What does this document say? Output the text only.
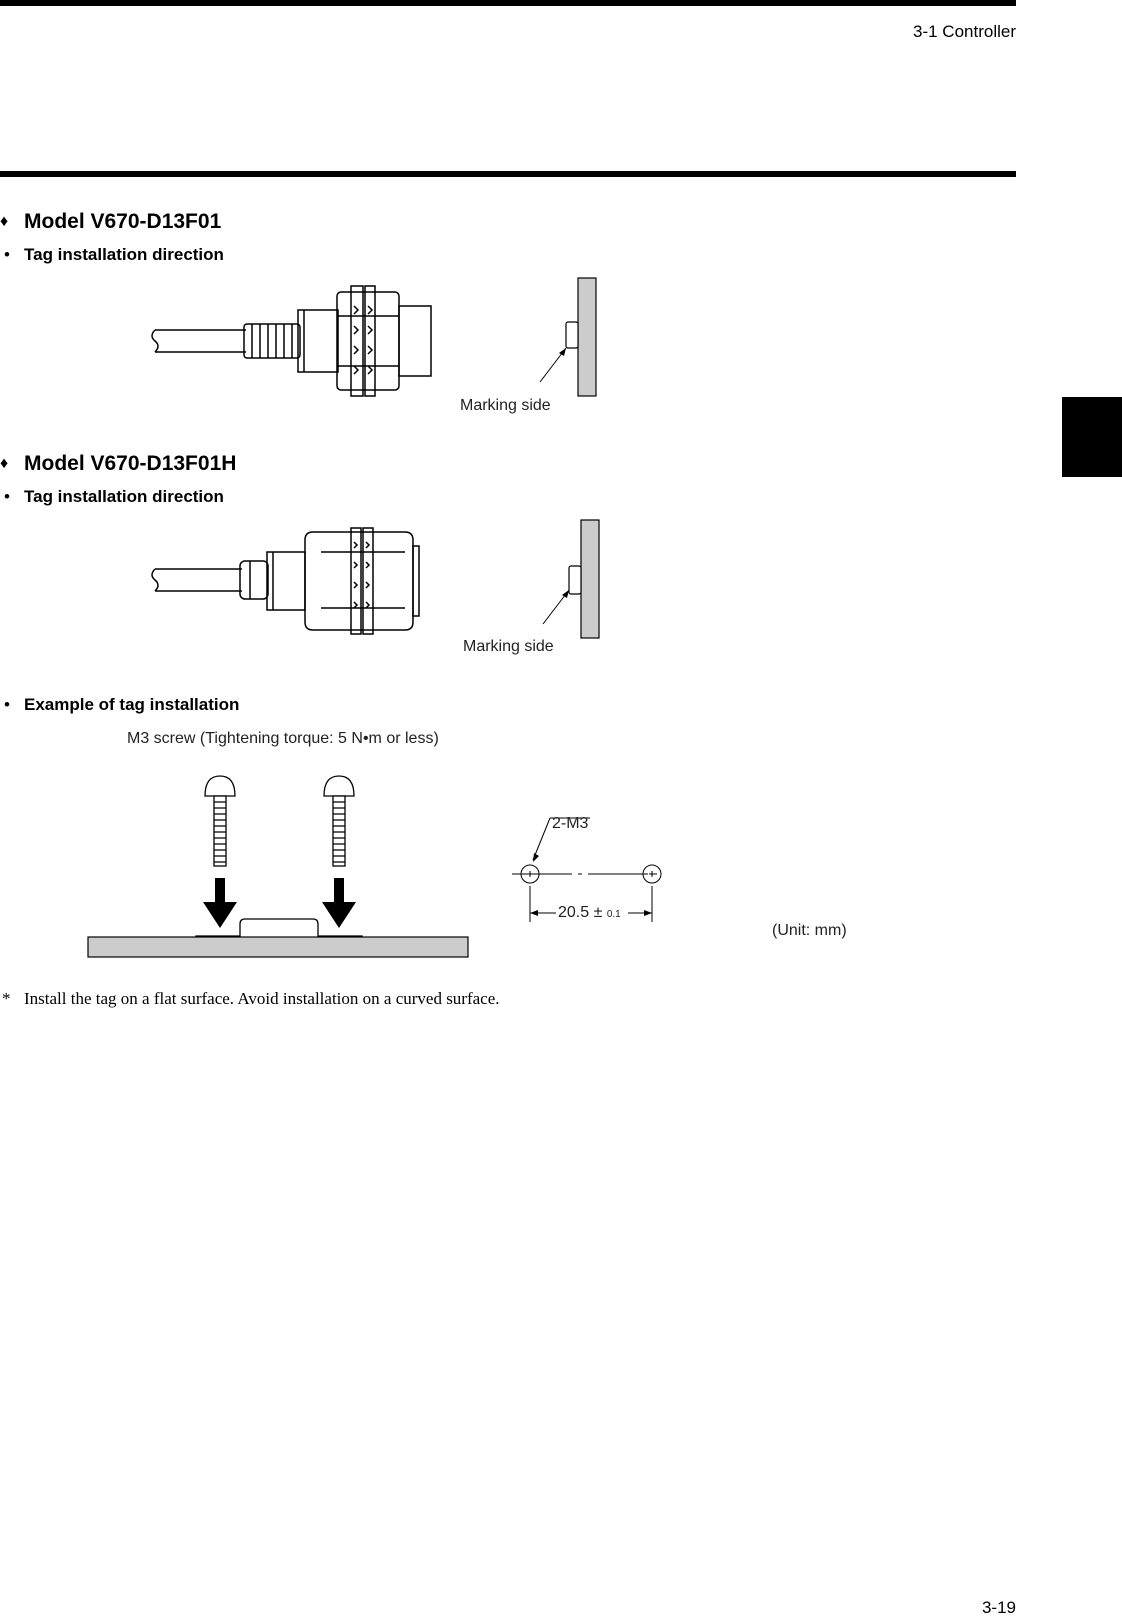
3-1 Controller
♦ Model V670-D13F01
• Tag installation direction
Marking side
♦ Model V670-D13F01H
• Tag installation direction
Marking side
• Example of tag installation
M3 screw (Tightening torque: 5 N•m or less)
2-M3
20.5 ± 0.1
(Unit: mm)
* Install the tag on a flat surface. Avoid installation on a curved surface.
3-19
